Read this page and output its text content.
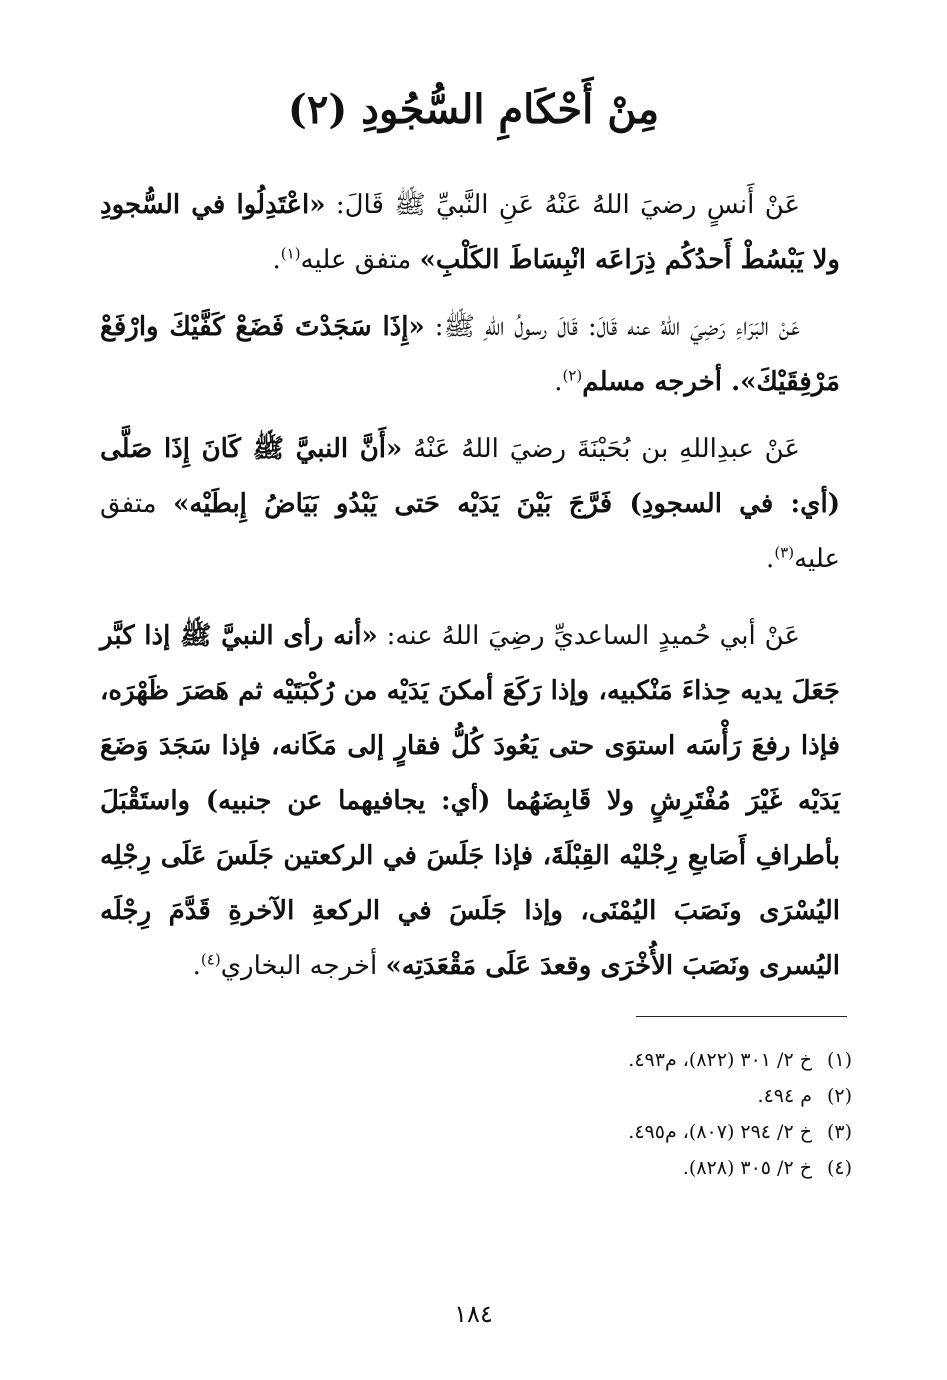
مِنْ أَحْكَامِ السُّجُودِ (٢)

عَنْ أَنسٍ رضيَ اللهُ عَنْهُ عَنِ النَّبيِّ ﷺ قَالَ: «اعْتَدِلُوا في السُّجودِ ولا يَبْسُطْ أَحدُكُم ذِرَاعَه انْبِسَاطَ الكَلْبِ» متفق عليه$^{(١)}$.

عَنْ البَرَاءِ رَضِيَ اللهُ عنه قَالَ: قَالَ رسولُ اللهِ ﷺ: «إِذَا سَجَدْتَ فَضَعْ كَفَّيْكَ وارْفَعْ مَرْفِقَيْكَ». أخرجه مسلم$^{(٢)}$.

عَنْ عبدِاللهِ بن بُحَيْنَةَ رضيَ اللهُ عَنْهُ «أَنَّ النبيَّ ﷺ كَانَ إِذَا صَلَّى (أي: في السجودِ) فَرَّجَ بَيْنَ يَدَيْه حَتى يَبْدُو بَيَاضُ إِبطَيْه» متفق عليه$^{(٣)}$.

عَنْ أبي حُميدٍ الساعديِّ رضِيَ اللهُ عنه: «أنه رأى النبيَّ ﷺ إذا كبَّر جَعَلَ يديه حِذاءَ مَنْكبيه، وإذا رَكَعَ أمكنَ يَدَيْه من رُكْبَتَيْه ثم هَصَرَ ظَهْرَه، فإذا رفعَ رَأْسَه استوَى حتى يَعُودَ كُلُّ فقارٍ إلى مَكَانه، فإذا سَجَدَ وَضَعَ يَدَيْه غَيْرَ مُفْتَرِشٍ ولا قَابِضَهُما (أي: يجافيهما عن جنبيه) واستَقْبَلَ بأطرافِ أَصَابعِ رِجْليْه القِبْلَةَ، فإذا جَلَسَ في الركعتين جَلَسَ عَلَى رِجْلِه اليُسْرَى ونَصَبَ اليُمْنَى، وإذا جَلَسَ في الركعةِ الآخرةِ قَدَّمَ رِجْلَه اليُسرى ونَصَبَ الأُخْرَى وقعدَ عَلَى مَقْعَدَتِه» أخرجه البخاري$^{(٤)}$.

(١)خ ٢/ ٣٠١ (٨٢٢)، م٤٩٣.
(٢)م ٤٩٤.
(٣)خ ٢/ ٢٩٤ (٨٠٧)، م٤٩٥.
(٤)خ ٢/ ٣٠٥ (٨٢٨).
١٨٤
